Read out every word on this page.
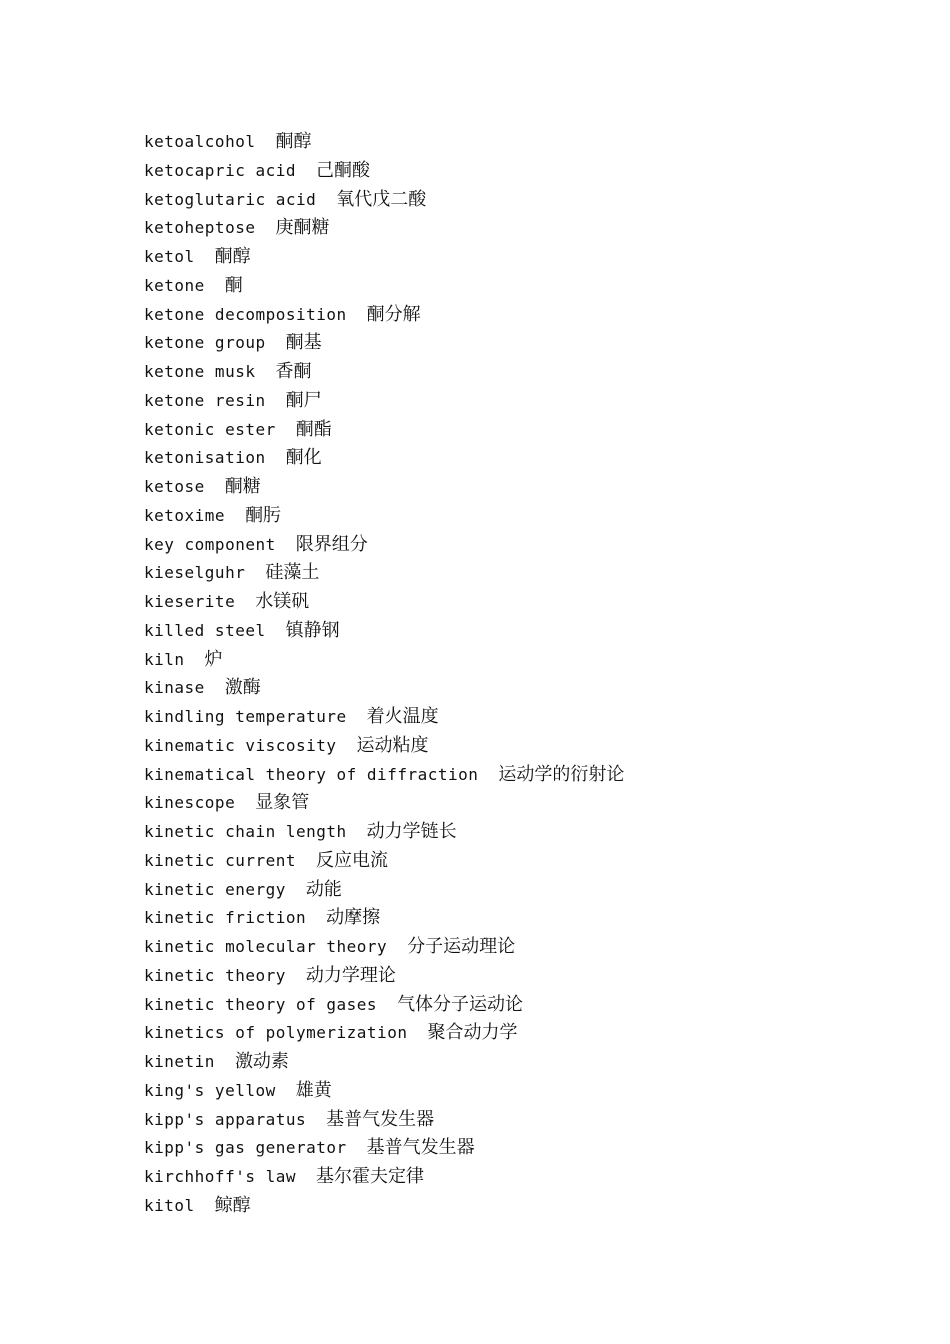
ketoalcohol 酮醇
ketocapric acid 己酮酸
ketoglutaric acid 氧代戊二酸
ketoheptose 庚酮糖
ketol 酮醇
ketone 酮
ketone decomposition 酮分解
ketone group 酮基
ketone musk 香酮
ketone resin 酮尸
ketonic ester 酮酯
ketonisation 酮化
ketose 酮糖
ketoxime 酮肟
key component 限界组分
kieselguhr 硅藻土
kieserite 水镁矾
killed steel 镇静钢
kiln 炉
kinase 激酶
kindling temperature 着火温度
kinematic viscosity 运动粘度
kinematical theory of diffraction 运动学的衍射论
kinescope 显象管
kinetic chain length 动力学链长
kinetic current 反应电流
kinetic energy 动能
kinetic friction 动摩擦
kinetic molecular theory 分子运动理论
kinetic theory 动力学理论
kinetic theory of gases 气体分子运动论
kinetics of polymerization 聚合动力学
kinetin 激动素
king's yellow 雄黄
kipp's apparatus 基普气发生器
kipp's gas generator 基普气发生器
kirchhoff's law 基尔霍夫定律
kitol 鲸醇
